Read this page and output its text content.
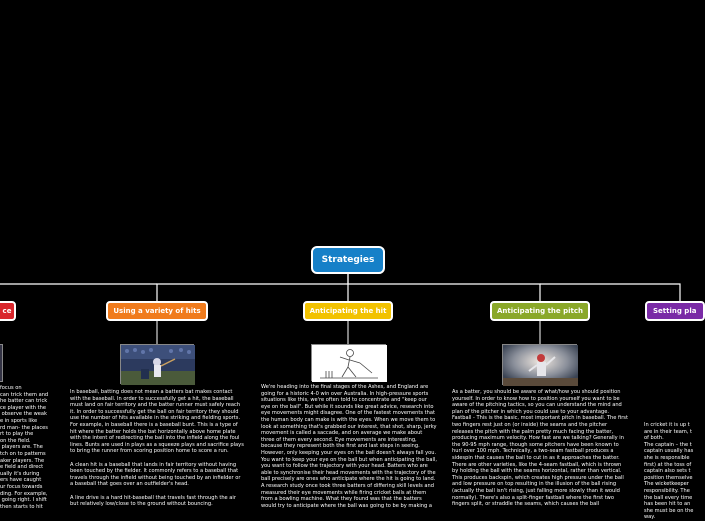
Strategies
ce	Using a variety of hits	Anticipating the hit	Anticipating the pitch	Setting pla
focus on
can trick them and
he batter can trick
ce player with the
observe the weak
e in sports like
rd man- the places
rt to play the
on the field.
players are. The
tch on to patterns
aker players. The
e field and direct
ually it's during
ers have caught
ur focus towards
ding. For example,
going right. I shift
then starts to hit
In baseball, batting does not mean a batters bat makes contact with the baseball. In order to successfully get a hit, the baseball must land on fair territory and the batter runner must safely reach it. In order to successfully get the ball on fair territory they should use the number of hits available in the striking and fielding sports. For example, in baseball there is a baseball bunt. This is a type of hit where the batter holds the bat horizontally above home plate with the intent of redirecting the ball into the infield along the foul lines. Bunts are used in plays as a squeeze plays and sacrifice plays to bring the runner from scoring position home to score a run.

A clean hit is a baseball that lands in fair territory without having been touched by the fielder. It commonly refers to a baseball that travels through the infield without being touched by an infielder or a baseball that goes over an outfielder's head.

A line drive is a hard hit-baseball that travels fast through the air but relatively low/close to the ground without bouncing.
We're heading into the final stages of the Ashes, and England are going for a historic 4-0 win over Australia. In high-pressure sports situations like this, we're often told to concentrate and "keep our eye on the ball". But while it sounds like great advice, research into eye movements might disagree. One of the fastest movements that the human body can make is with the eyes. When we move them to look at something that's grabbed our interest, that shot, sharp, jerky movement is called a saccade, and on average we make about three of them every second. Eye movements are interesting, because they represent both the first and last steps in seeing. However, only keeping your eyes on the ball doesn't always fall you. You want to keep your eye on the ball but when anticipating the ball, you want to follow the trajectory with your head. Batters who are able to synchronise their head movements with the trajectory of the ball precisely are ones who anticipate where the hit is going to land. A research study once took three batters of differing skill levels and measured their eye movements while firing cricket balls at them from a bowling machine. What they found was that the batters would try to anticipate where the ball was going to be by making a
As a batter, you should be aware of what/how you should position yourself. In order to know how to position yourself you want to be aware of the pitching tactics, so you can understand the mind and plan of the pitcher in which you could use to your advantage.
Fastball - This is the basic, most important pitch in baseball. The first two fingers rest just on (or inside) the seams and the pitcher releases the pitch with the palm pretty much facing the batter, producing maximum velocity. How fast are we talking? Generally in the 90-95 mph range, though some pitchers have been known to hurl over 100 mph. Technically, a two-seam fastball produces a sidespin that causes the ball to cut in as it approaches the batter. There are other varieties, like the 4-seam fastball, which is thrown by holding the ball with the seams horizontal, rather than vertical. This produces backspin, which creates high pressure under the ball and low pressure on top resulting in the illusion of the ball rising (actually the ball isn't rising, just falling more slowly than it would normally). There's also a split-finger fastball where the first two fingers split, or straddle the seams, which causes the ball
In cricket it is up t
are in their team, t
of both.
The captain – the t
captain usually has
she is responsible
first) at the toss of
captain also sets t
position themselve
The wicketkeeper
responsibility. The
the ball every time
has been hit to an
she must be on the
way.
